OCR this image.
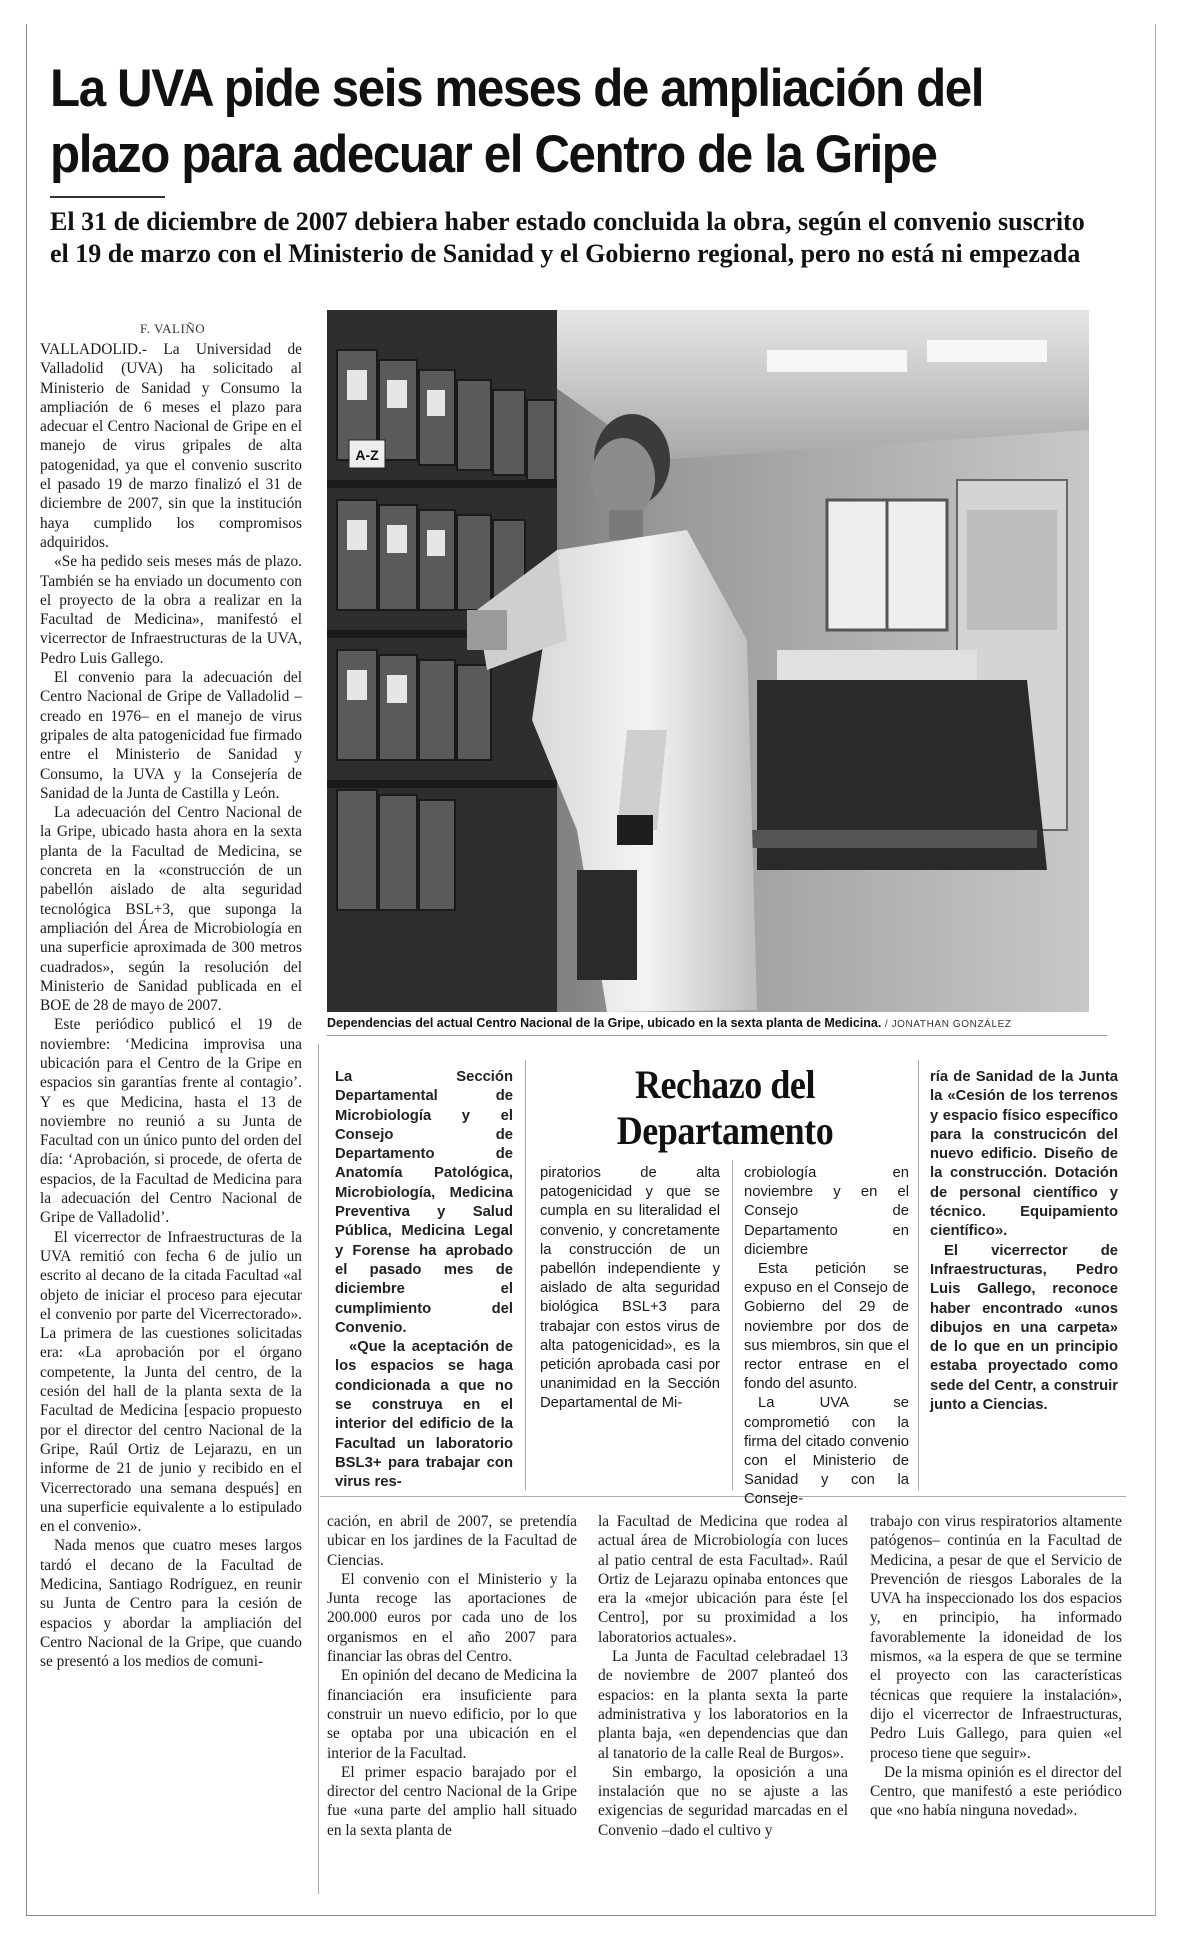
La UVA pide seis meses de ampliación del
plazo para adecuar el Centro de la Gripe
El 31 de diciembre de 2007 debiera haber estado concluida la obra, según el convenio suscrito
el 19 de marzo con el Ministerio de Sanidad y el Gobierno regional, pero no está ni empezada
F. VALIÑO

VALLADOLID.- La Universidad de Valladolid (UVA) ha solicitado al Ministerio de Sanidad y Consumo la ampliación de 6 meses el plazo para adecuar el Centro Nacional de Gripe en el manejo de virus gripales de alta patogenidad, ya que el convenio suscrito el pasado 19 de marzo finalizó el 31 de diciembre de 2007, sin que la institución haya cumplido los compromisos adquiridos.

«Se ha pedido seis meses más de plazo. También se ha enviado un documento con el proyecto de la obra a realizar en la Facultad de Medicina», manifestó el vicerrector de Infraestructuras de la UVA, Pedro Luis Gallego.

El convenio para la adecuación del Centro Nacional de Gripe de Valladolid –creado en 1976– en el manejo de virus gripales de alta patogenicidad fue firmado entre el Ministerio de Sanidad y Consumo, la UVA y la Consejería de Sanidad de la Junta de Castilla y León.

La adecuación del Centro Nacional de la Gripe, ubicado hasta ahora en la sexta planta de la Facultad de Medicina, se concreta en la «construcción de un pabellón aislado de alta seguridad tecnológica BSL+3, que suponga la ampliación del Área de Microbiología en una superficie aproximada de 300 metros cuadrados», según la resolución del Ministerio de Sanidad publicada en el BOE de 28 de mayo de 2007.

Este periódico publicó el 19 de noviembre: ‘Medicina improvisa una ubicación para el Centro de la Gripe en espacios sin garantías frente al contagio’. Y es que Medicina, hasta el 13 de noviembre no reunió a su Junta de Facultad con un único punto del orden del día: ‘Aprobación, si procede, de oferta de espacios, de la Facultad de Medicina para la adecuación del Centro Nacional de Gripe de Valladolid’.

El vicerrector de Infraestructuras de la UVA remitió con fecha 6 de julio un escrito al decano de la citada Facultad «al objeto de iniciar el proceso para ejecutar el convenio por parte del Vicerrectorado». La primera de las cuestiones solicitadas era: «La aprobación por el órgano competente, la Junta del centro, de la cesión del hall de la planta sexta de la Facultad de Medicina [espacio propuesto por el director del centro Nacional de la Gripe, Raúl Ortiz de Lejarazu, en un informe de 21 de junio y recibido en el Vicerrectorado una semana después] en una superficie equivalente a lo estipulado en el convenio».

Nada menos que cuatro meses largos tardó el decano de la Facultad de Medicina, Santiago Rodríguez, en reunir su Junta de Centro para la cesión de espacios y abordar la ampliación del Centro Nacional de la Gripe, que cuando se presentó a los medios de comuni-

A-Z
Dependencias del actual Centro Nacional de la Gripe, ubicado en la sexta planta de Medicina. / JONATHAN GONZÁLEZ
Rechazo del
Departamento

La Sección Departamental de Microbiología y el Consejo de Departamento de Anatomía Patológica, Microbiología, Medicina Preventiva y Salud Pública, Medicina Legal y Forense ha aprobado el pasado mes de diciembre el cumplimiento del Convenio.

«Que la aceptación de los espacios se haga condicionada a que no se construya en el interior del edificio de la Facultad un laboratorio BSL3+ para trabajar con virus res-

piratorios de alta patogenicidad y que se cumpla en su literalidad el convenio, y concretamente la construcción de un pabellón independiente y aislado de alta seguridad biológica BSL+3 para trabajar con estos virus de alta patogenicidad», es la petición aprobada casi por unanimidad en la Sección Departamental de Mi-

crobiología en noviembre y en el Consejo de Departamento en diciembre

Esta petición se expuso en el Consejo de Gobierno del 29 de noviembre por dos de sus miembros, sin que el rector entrase en el fondo del asunto.

La UVA se comprometió con la firma del citado convenio con el Ministerio de Sanidad y con la Conseje-

ría de Sanidad de la Junta la «Cesión de los terrenos y espacio físico específico para la construcicón del nuevo edificio. Diseño de la construcción. Dotación de personal científico y técnico. Equipamiento científico».

El vicerrector de Infraestructuras, Pedro Luis Gallego, reconoce haber encontrado «unos dibujos en una carpeta» de lo que en un principio estaba proyectado como sede del Centr, a construir junto a Ciencias.

cación, en abril de 2007, se pretendía ubicar en los jardines de la Facultad de Ciencias.

El convenio con el Ministerio y la Junta recoge las aportaciones de 200.000 euros por cada uno de los organismos en el año 2007 para financiar las obras del Centro.

En opinión del decano de Medicina la financiación era insuficiente para construir un nuevo edificio, por lo que se optaba por una ubicación en el interior de la Facultad.

El primer espacio barajado por el director del centro Nacional de la Gripe fue «una parte del amplio hall situado en la sexta planta de

la Facultad de Medicina que rodea al actual área de Microbiología con luces al patio central de esta Facultad». Raúl Ortiz de Lejarazu opinaba entonces que era la «mejor ubicación para éste [el Centro], por su proximidad a los laboratorios actuales».

La Junta de Facultad celebradael 13 de noviembre de 2007 planteó dos espacios: en la planta sexta la parte administrativa y los laboratorios en la planta baja, «en dependencias que dan al tanatorio de la calle Real de Burgos».

Sin embargo, la oposición a una instalación que no se ajuste a las exigencias de seguridad marcadas en el Convenio –dado el cultivo y

trabajo con virus respiratorios altamente patógenos– continúa en la Facultad de Medicina, a pesar de que el Servicio de Prevención de riesgos Laborales de la UVA ha inspeccionado los dos espacios y, en principio, ha informado favorablemente la idoneidad de los mismos, «a la espera de que se termine el proyecto con las características técnicas que requiere la instalación», dijo el vicerrector de Infraestructuras, Pedro Luis Gallego, para quien «el proceso tiene que seguir».

De la misma opinión es el director del Centro, que manifestó a este periódico que «no había ninguna novedad».
